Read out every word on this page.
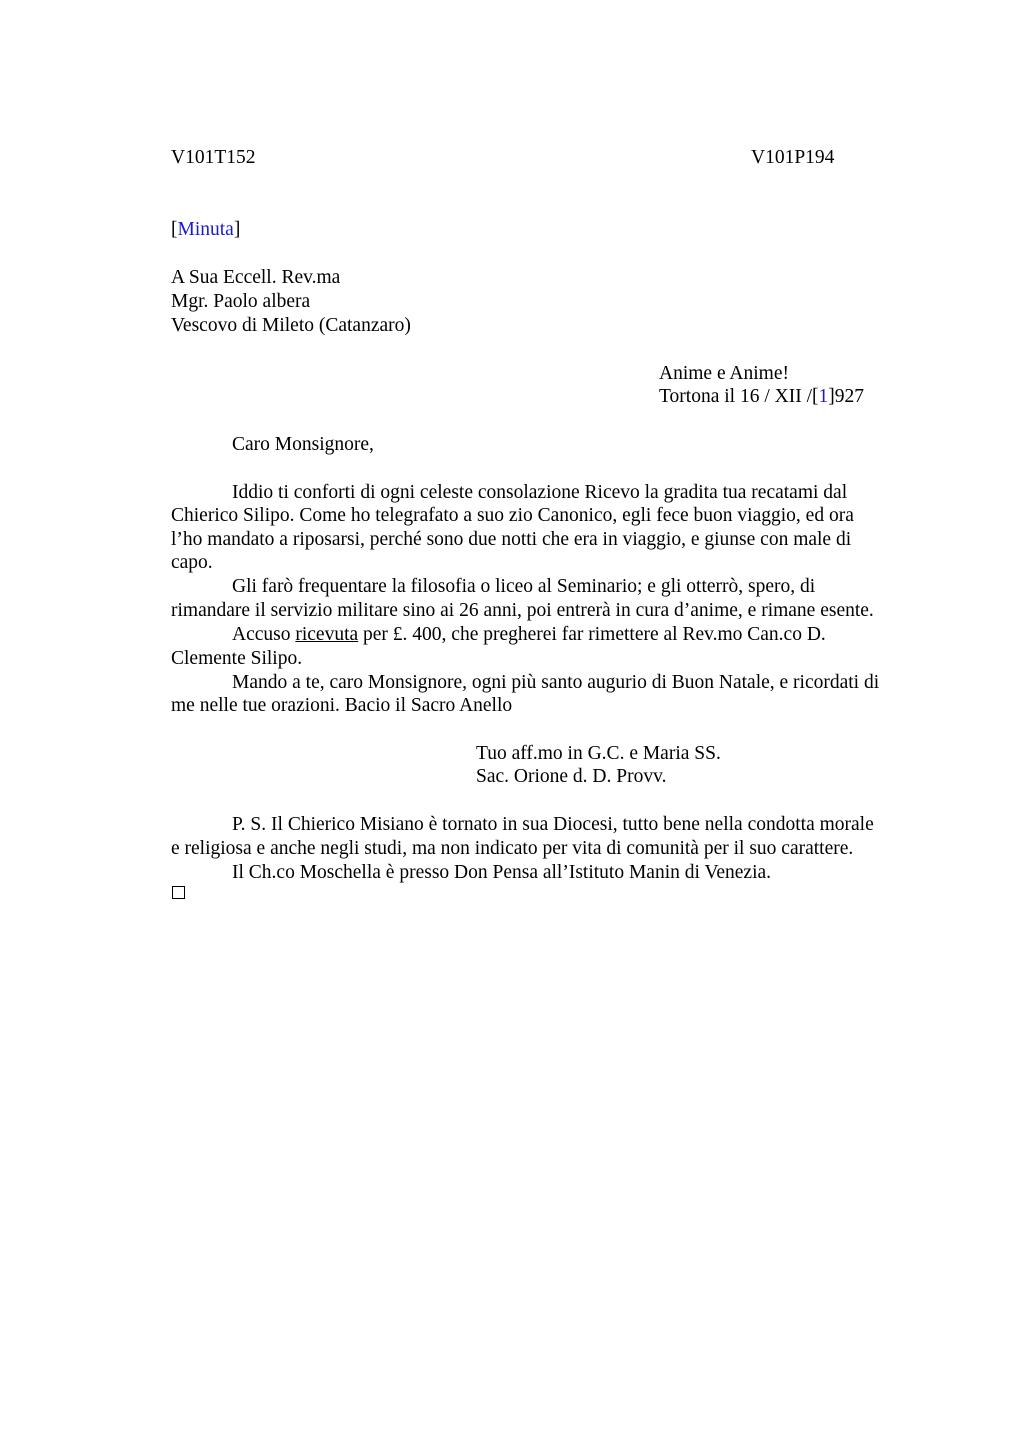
V101T152	V101P194
[Minuta]
A Sua Eccell. Rev.ma
Mgr. Paolo albera
Vescovo di Mileto (Catanzaro)
Anime e Anime!
Tortona il 16 / XII /[1]927
Caro Monsignore,
Iddio ti conforti di ogni celeste consolazione Ricevo la gradita tua recatami dal
Chierico Silipo. Come ho telegrafato a suo zio Canonico, egli fece buon viaggio, ed ora
l’ho mandato a riposarsi, perché sono due notti che era in viaggio, e giunse con male di
capo.
Gli farò frequentare la filosofia o liceo al Seminario; e gli otterrò, spero, di
rimandare il servizio militare sino ai 26 anni, poi entrerà in cura d’anime, e rimane esente.
Accuso ricevuta per £. 400, che pregherei far rimettere al Rev.mo Can.co D.
Clemente Silipo.
Mando a te, caro Monsignore, ogni più santo augurio di Buon Natale, e ricordati di
me nelle tue orazioni. Bacio il Sacro Anello
Tuo aff.mo in G.C. e Maria SS.
Sac. Orione d. D. Provv.
P. S. Il Chierico Misiano è tornato in sua Diocesi, tutto bene nella condotta morale
e religiosa e anche negli studi, ma non indicato per vita di comunità per il suo carattere.
Il Ch.co Moschella è presso Don Pensa all’Istituto Manin di Venezia.
